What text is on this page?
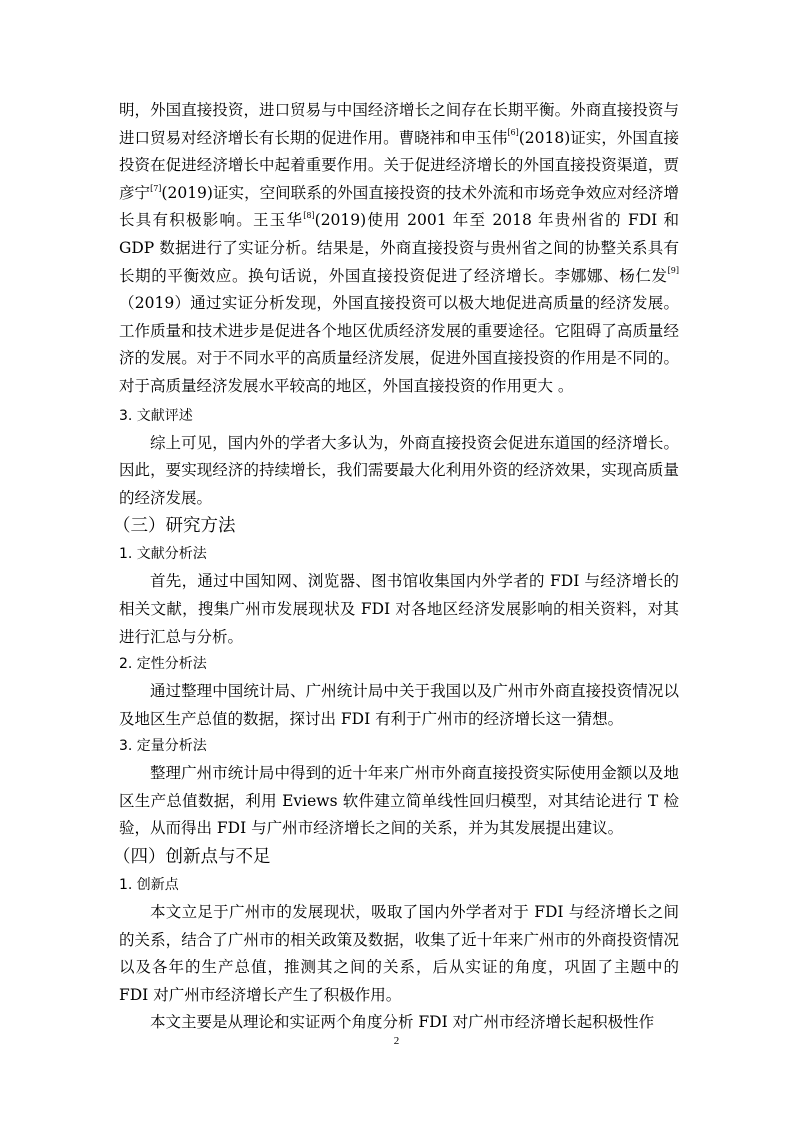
明，外国直接投资，进口贸易与中国经济增长之间存在长期平衡。外商直接投资与进口贸易对经济增长有长期的促进作用。曹晓祎和申玉伟[6](2018)证实，外国直接投资在促进经济增长中起着重要作用。关于促进经济增长的外国直接投资渠道，贾彦宁[7](2019)证实，空间联系的外国直接投资的技术外流和市场竞争效应对经济增长具有积极影响。王玉华[8](2019)使用 2001 年至 2018 年贵州省的 FDI 和 GDP 数据进行了实证分析。结果是，外商直接投资与贵州省之间的协整关系具有长期的平衡效应。换句话说，外国直接投资促进了经济增长。李娜娜、杨仁发[9]（2019）通过实证分析发现，外国直接投资可以极大地促进高质量的经济发展。工作质量和技术进步是促进各个地区优质经济发展的重要途径。它阻碍了高质量经济的发展。对于不同水平的高质量经济发展，促进外国直接投资的作用是不同的。对于高质量经济发展水平较高的地区，外国直接投资的作用更大 。

3. 文献评述

综上可见，国内外的学者大多认为，外商直接投资会促进东道国的经济增长。因此，要实现经济的持续增长，我们需要最大化利用外资的经济效果，实现高质量的经济发展。

（三）研究方法
1. 文献分析法

首先，通过中国知网、浏览器、图书馆收集国内外学者的 FDI 与经济增长的相关文献，搜集广州市发展现状及 FDI 对各地区经济发展影响的相关资料，对其进行汇总与分析。

2. 定性分析法

通过整理中国统计局、广州统计局中关于我国以及广州市外商直接投资情况以及地区生产总值的数据，探讨出 FDI 有利于广州市的经济增长这一猜想。

3. 定量分析法

整理广州市统计局中得到的近十年来广州市外商直接投资实际使用金额以及地区生产总值数据，利用 Eviews 软件建立简单线性回归模型，对其结论进行 T 检验，从而得出 FDI 与广州市经济增长之间的关系，并为其发展提出建议。

（四）创新点与不足
1. 创新点

本文立足于广州市的发展现状，吸取了国内外学者对于 FDI 与经济增长之间的关系，结合了广州市的相关政策及数据，收集了近十年来广州市的外商投资情况以及各年的生产总值，推测其之间的关系，后从实证的角度，巩固了主题中的 FDI 对广州市经济增长产生了积极作用。

本文主要是从理论和实证两个角度分析 FDI 对广州市经济增长起积极性作

2
